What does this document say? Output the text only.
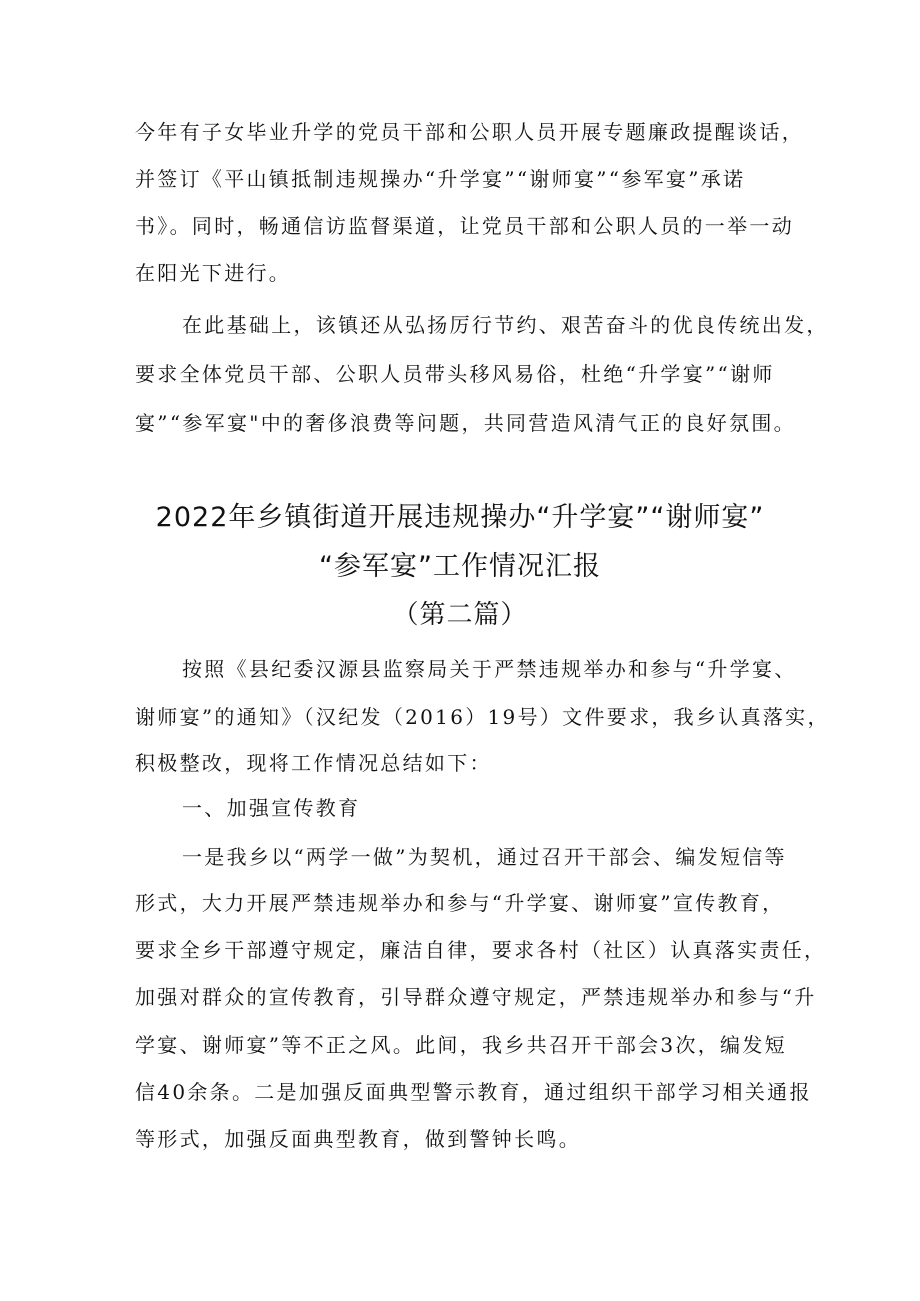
今年有子女毕业升学的党员干部和公职人员开展专题廉政提醒谈话，
并签订《平山镇抵制违规操办“升学宴”“谢师宴”“参军宴”承诺
书》。同时，畅通信访监督渠道，让党员干部和公职人员的一举一动
在阳光下进行。
在此基础上，该镇还从弘扬厉行节约、艰苦奋斗的优良传统出发，
要求全体党员干部、公职人员带头移风易俗，杜绝“升学宴”“谢师
宴”“参军宴"中的奢侈浪费等问题，共同营造风清气正的良好氛围。
2022年乡镇街道开展违规操办“升学宴”“谢师宴”
“参军宴”工作情况汇报
（第二篇）
按照《县纪委汉源县监察局关于严禁违规举办和参与“升学宴、
谢师宴”的通知》（汉纪发（2016）19号）文件要求，我乡认真落实，
积极整改，现将工作情况总结如下：
一、加强宣传教育
一是我乡以“两学一做”为契机，通过召开干部会、编发短信等
形式，大力开展严禁违规举办和参与“升学宴、谢师宴”宣传教育，
要求全乡干部遵守规定，廉洁自律，要求各村（社区）认真落实责任，
加强对群众的宣传教育，引导群众遵守规定，严禁违规举办和参与“升
学宴、谢师宴”等不正之风。此间，我乡共召开干部会3次，编发短
信40余条。二是加强反面典型警示教育，通过组织干部学习相关通报
等形式，加强反面典型教育，做到警钟长鸣。
